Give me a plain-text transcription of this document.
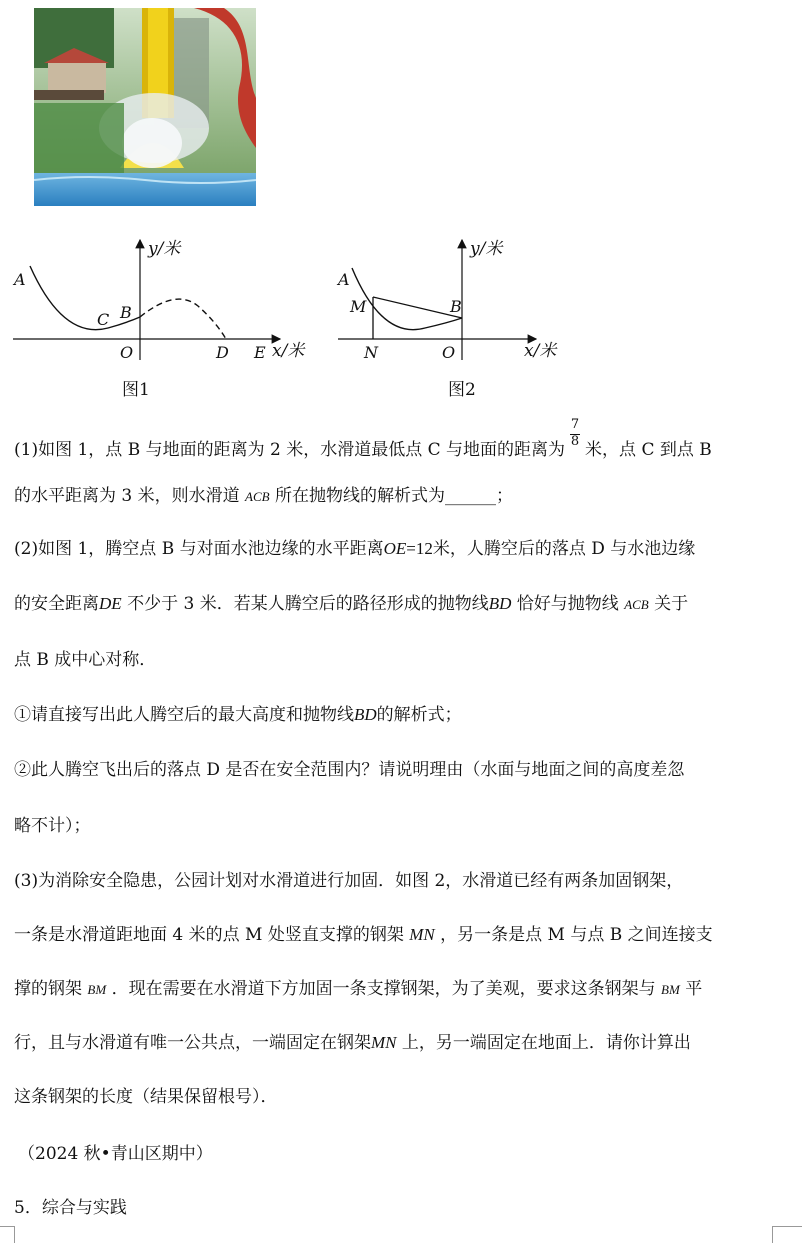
y/米
x/米
A
C B
O	D E
图1
y/米
x/米
A
M	B
N	O
图2
(1)如图 1，点 B 与地面的距离为 2 米，水滑道最低点 C 与地面的距离为 $\frac{7}{8}$ 米，点 C 到点 B
的水平距离为 3 米，则水滑道 ACB 所在抛物线的解析式为______；
(2)如图 1，腾空点 B 与对面水池边缘的水平距离OE=12米，人腾空后的落点 D 与水池边缘
的安全距离DE 不少于 3 米．若某人腾空后的路径形成的抛物线BD 恰好与抛物线 ACB 关于
点 B 成中心对称．
①请直接写出此人腾空后的最大高度和抛物线BD的解析式；
②此人腾空飞出后的落点 D 是否在安全范围内？请说明理由（水面与地面之间的高度差忽
略不计）；
(3)为消除安全隐患，公园计划对水滑道进行加固．如图 2，水滑道已经有两条加固钢架，
一条是水滑道距地面 4 米的点 M 处竖直支撑的钢架 MN ，另一条是点 M 与点 B 之间连接支
撑的钢架 BM ．现在需要在水滑道下方加固一条支撑钢架，为了美观，要求这条钢架与 BM 平
行，且与水滑道有唯一公共点，一端固定在钢架MN 上，另一端固定在地面上．请你计算出
这条钢架的长度（结果保留根号）．
（2024 秋•青山区期中）
5．综合与实践
